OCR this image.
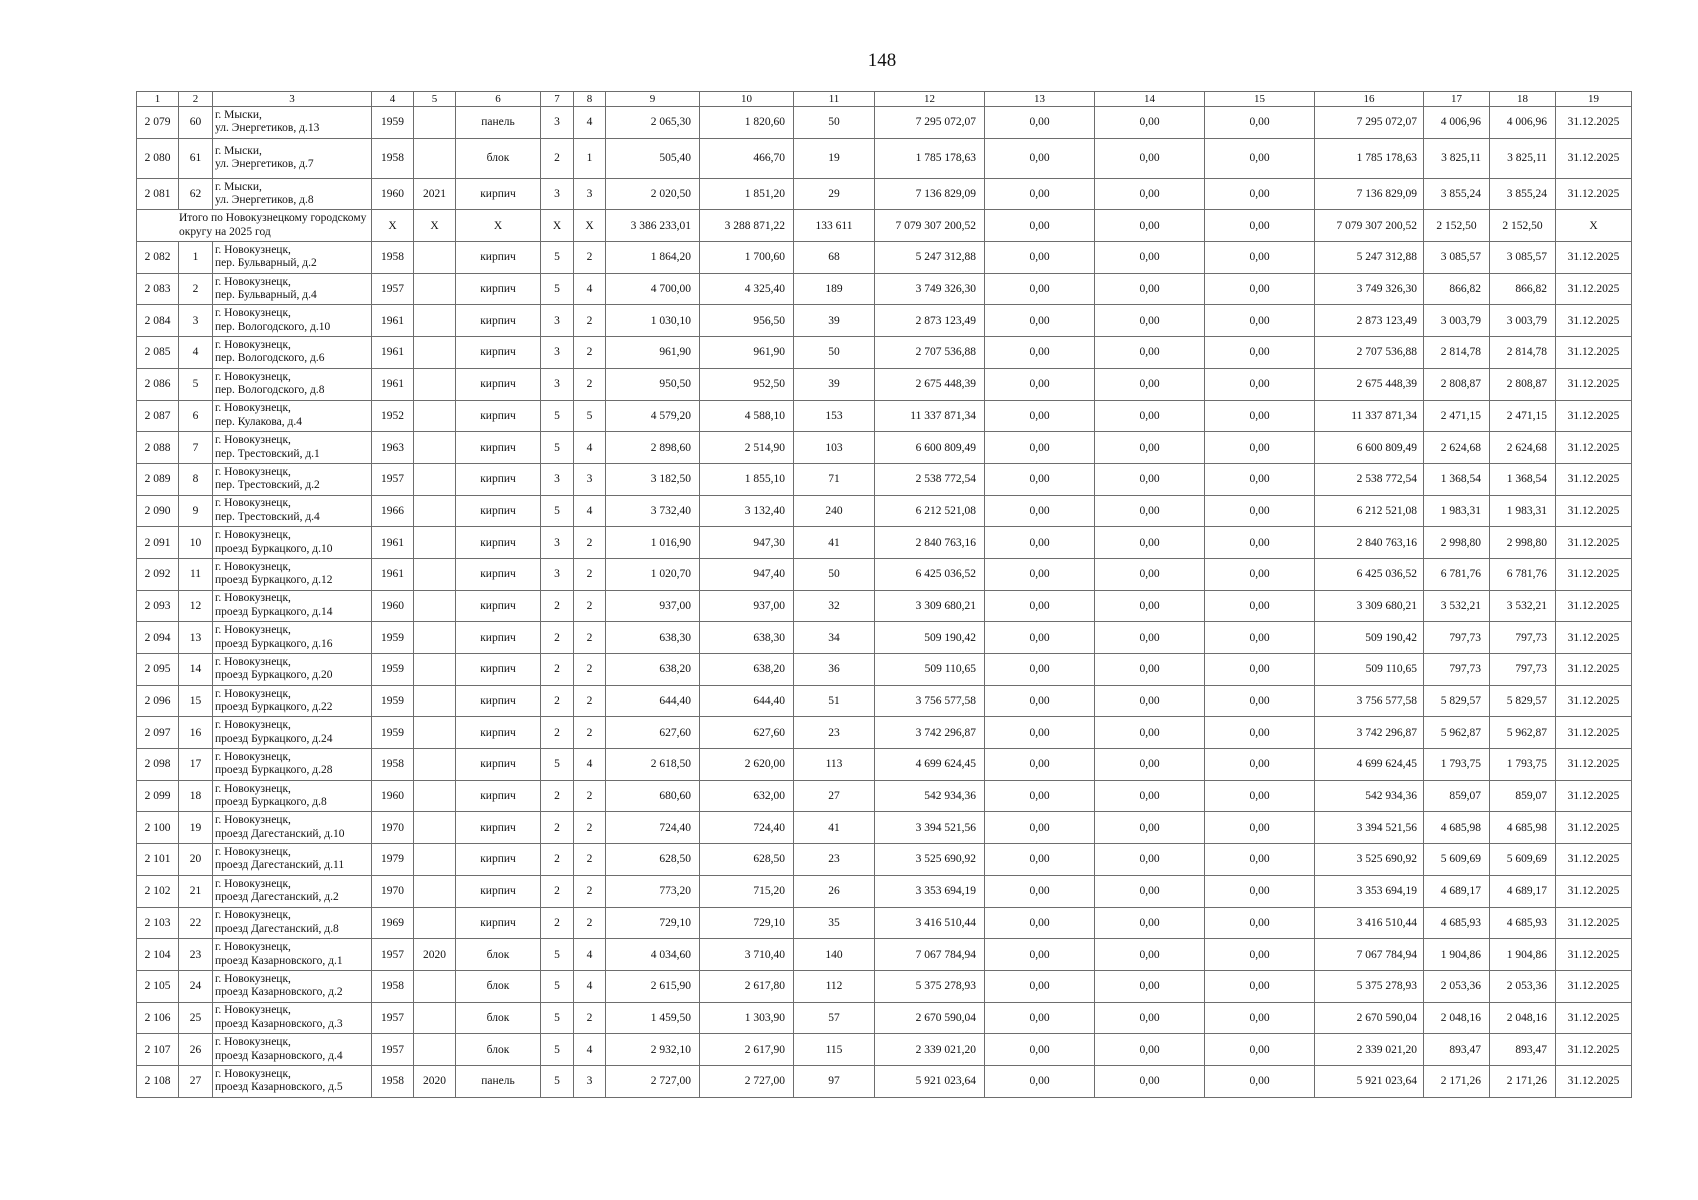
148
1	2	3	4	5	6	7	8	9	10	11	12	13	14	15	16	17	18	19
2 079	60	г. Мыски,
ул. Энергетиков, д.13	1959		панель	3	4	2 065,30	1 820,60	50	7 295 072,07	0,00	0,00	0,00	7 295 072,07	4 006,96	4 006,96	31.12.2025
2 080	61	г. Мыски,
ул. Энергетиков, д.7	1958		блок	2	1	505,40	466,70	19	1 785 178,63	0,00	0,00	0,00	1 785 178,63	3 825,11	3 825,11	31.12.2025
2 081	62	г. Мыски,
ул. Энергетиков, д.8	1960	2021	кирпич	3	3	2 020,50	1 851,20	29	7 136 829,09	0,00	0,00	0,00	7 136 829,09	3 855,24	3 855,24	31.12.2025
Итого по Новокузнецкому городскому округу на 2025 год			X	X	X	X	X	3 386 233,01	3 288 871,22	133 611	7 079 307 200,52	0,00	0,00	0,00	7 079 307 200,52	2 152,50	2 152,50	X
2 082	1	г. Новокузнецк,
пер. Бульварный, д.2	1958		кирпич	5	2	1 864,20	1 700,60	68	5 247 312,88	0,00	0,00	0,00	5 247 312,88	3 085,57	3 085,57	31.12.2025
2 083	2	г. Новокузнецк,
пер. Бульварный, д.4	1957		кирпич	5	4	4 700,00	4 325,40	189	3 749 326,30	0,00	0,00	0,00	3 749 326,30	866,82	866,82	31.12.2025
2 084	3	г. Новокузнецк,
пер. Вологодского, д.10	1961		кирпич	3	2	1 030,10	956,50	39	2 873 123,49	0,00	0,00	0,00	2 873 123,49	3 003,79	3 003,79	31.12.2025
2 085	4	г. Новокузнецк,
пер. Вологодского, д.6	1961		кирпич	3	2	961,90	961,90	50	2 707 536,88	0,00	0,00	0,00	2 707 536,88	2 814,78	2 814,78	31.12.2025
2 086	5	г. Новокузнецк,
пер. Вологодского, д.8	1961		кирпич	3	2	950,50	952,50	39	2 675 448,39	0,00	0,00	0,00	2 675 448,39	2 808,87	2 808,87	31.12.2025
2 087	6	г. Новокузнецк,
пер. Кулакова, д.4	1952		кирпич	5	5	4 579,20	4 588,10	153	11 337 871,34	0,00	0,00	0,00	11 337 871,34	2 471,15	2 471,15	31.12.2025
2 088	7	г. Новокузнецк,
пер. Трестовский, д.1	1963		кирпич	5	4	2 898,60	2 514,90	103	6 600 809,49	0,00	0,00	0,00	6 600 809,49	2 624,68	2 624,68	31.12.2025
2 089	8	г. Новокузнецк,
пер. Трестовский, д.2	1957		кирпич	3	3	3 182,50	1 855,10	71	2 538 772,54	0,00	0,00	0,00	2 538 772,54	1 368,54	1 368,54	31.12.2025
2 090	9	г. Новокузнецк,
пер. Трестовский, д.4	1966		кирпич	5	4	3 732,40	3 132,40	240	6 212 521,08	0,00	0,00	0,00	6 212 521,08	1 983,31	1 983,31	31.12.2025
2 091	10	г. Новокузнецк,
проезд Буркацкого, д.10	1961		кирпич	3	2	1 016,90	947,30	41	2 840 763,16	0,00	0,00	0,00	2 840 763,16	2 998,80	2 998,80	31.12.2025
2 092	11	г. Новокузнецк,
проезд Буркацкого, д.12	1961		кирпич	3	2	1 020,70	947,40	50	6 425 036,52	0,00	0,00	0,00	6 425 036,52	6 781,76	6 781,76	31.12.2025
2 093	12	г. Новокузнецк,
проезд Буркацкого, д.14	1960		кирпич	2	2	937,00	937,00	32	3 309 680,21	0,00	0,00	0,00	3 309 680,21	3 532,21	3 532,21	31.12.2025
2 094	13	г. Новокузнецк,
проезд Буркацкого, д.16	1959		кирпич	2	2	638,30	638,30	34	509 190,42	0,00	0,00	0,00	509 190,42	797,73	797,73	31.12.2025
2 095	14	г. Новокузнецк,
проезд Буркацкого, д.20	1959		кирпич	2	2	638,20	638,20	36	509 110,65	0,00	0,00	0,00	509 110,65	797,73	797,73	31.12.2025
2 096	15	г. Новокузнецк,
проезд Буркацкого, д.22	1959		кирпич	2	2	644,40	644,40	51	3 756 577,58	0,00	0,00	0,00	3 756 577,58	5 829,57	5 829,57	31.12.2025
2 097	16	г. Новокузнецк,
проезд Буркацкого, д.24	1959		кирпич	2	2	627,60	627,60	23	3 742 296,87	0,00	0,00	0,00	3 742 296,87	5 962,87	5 962,87	31.12.2025
2 098	17	г. Новокузнецк,
проезд Буркацкого, д.28	1958		кирпич	5	4	2 618,50	2 620,00	113	4 699 624,45	0,00	0,00	0,00	4 699 624,45	1 793,75	1 793,75	31.12.2025
2 099	18	г. Новокузнецк,
проезд Буркацкого, д.8	1960		кирпич	2	2	680,60	632,00	27	542 934,36	0,00	0,00	0,00	542 934,36	859,07	859,07	31.12.2025
2 100	19	г. Новокузнецк,
проезд Дагестанский, д.10	1970		кирпич	2	2	724,40	724,40	41	3 394 521,56	0,00	0,00	0,00	3 394 521,56	4 685,98	4 685,98	31.12.2025
2 101	20	г. Новокузнецк,
проезд Дагестанский, д.11	1979		кирпич	2	2	628,50	628,50	23	3 525 690,92	0,00	0,00	0,00	3 525 690,92	5 609,69	5 609,69	31.12.2025
2 102	21	г. Новокузнецк,
проезд Дагестанский, д.2	1970		кирпич	2	2	773,20	715,20	26	3 353 694,19	0,00	0,00	0,00	3 353 694,19	4 689,17	4 689,17	31.12.2025
2 103	22	г. Новокузнецк,
проезд Дагестанский, д.8	1969		кирпич	2	2	729,10	729,10	35	3 416 510,44	0,00	0,00	0,00	3 416 510,44	4 685,93	4 685,93	31.12.2025
2 104	23	г. Новокузнецк,
проезд Казарновского, д.1	1957	2020	блок	5	4	4 034,60	3 710,40	140	7 067 784,94	0,00	0,00	0,00	7 067 784,94	1 904,86	1 904,86	31.12.2025
2 105	24	г. Новокузнецк,
проезд Казарновского, д.2	1958		блок	5	4	2 615,90	2 617,80	112	5 375 278,93	0,00	0,00	0,00	5 375 278,93	2 053,36	2 053,36	31.12.2025
2 106	25	г. Новокузнецк,
проезд Казарновского, д.3	1957		блок	5	2	1 459,50	1 303,90	57	2 670 590,04	0,00	0,00	0,00	2 670 590,04	2 048,16	2 048,16	31.12.2025
2 107	26	г. Новокузнецк,
проезд Казарновского, д.4	1957		блок	5	4	2 932,10	2 617,90	115	2 339 021,20	0,00	0,00	0,00	2 339 021,20	893,47	893,47	31.12.2025
2 108	27	г. Новокузнецк,
проезд Казарновского, д.5	1958	2020	панель	5	3	2 727,00	2 727,00	97	5 921 023,64	0,00	0,00	0,00	5 921 023,64	2 171,26	2 171,26	31.12.2025
